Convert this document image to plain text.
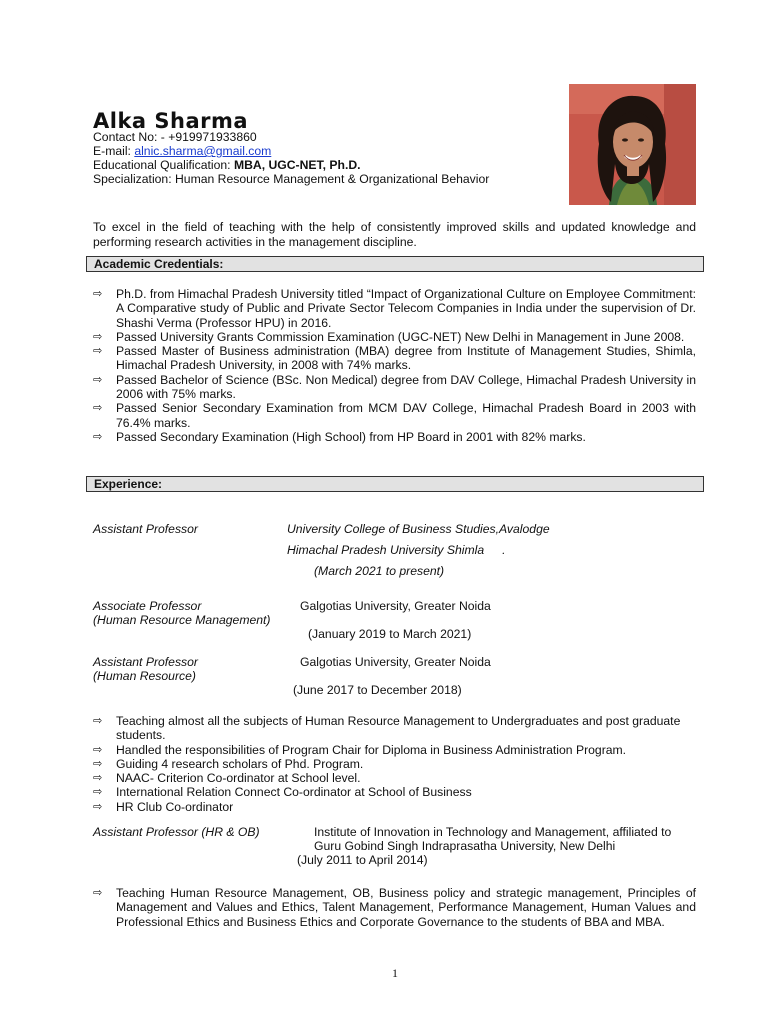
Alka Sharma
Contact No: - +919971933860
E-mail: alnic.sharma@gmail.com
Educational Qualification: MBA, UGC-NET, Ph.D.
Specialization: Human Resource Management & Organizational Behavior
To excel in the field of teaching with the help of consistently improved skills and updated knowledge and performing research activities in the management discipline.
Academic Credentials:
⇨ Ph.D. from Himachal Pradesh University titled “Impact of Organizational Culture on Employee Commitment: A Comparative study of Public and Private Sector Telecom Companies in India under the supervision of Dr. Shashi Verma (Professor HPU) in 2016.
⇨ Passed University Grants Commission Examination (UGC-NET) New Delhi in Management in June 2008.
⇨ Passed Master of Business administration (MBA) degree from Institute of Management Studies, Shimla, Himachal Pradesh University, in 2008 with 74% marks.
⇨ Passed Bachelor of Science (BSc. Non Medical) degree from DAV College, Himachal Pradesh University in 2006 with 75% marks.
⇨ Passed Senior Secondary Examination from MCM DAV College, Himachal Pradesh Board in 2003 with 76.4% marks.
⇨ Passed Secondary Examination (High School) from HP Board in 2001 with 82% marks.
Experience:
Assistant Professor	University College of Business Studies,Avalodge
Himachal Pradesh University Shimla .
(March 2021 to present)
Associate Professor	Galgotias University, Greater Noida
(Human Resource Management)
(January 2019 to March 2021)
Assistant Professor	Galgotias University, Greater Noida
(Human Resource)
(June 2017 to December 2018)
⇨ Teaching almost all the subjects of Human Resource Management to Undergraduates and post graduate students.
⇨ Handled the responsibilities of Program Chair for Diploma in Business Administration Program.
⇨ Guiding 4 research scholars of Phd. Program.
⇨ NAAC- Criterion Co-ordinator at School level.
⇨ International Relation Connect Co-ordinator at School of Business
⇨ HR Club Co-ordinator
Assistant Professor (HR & OB)	Institute of Innovation in Technology and Management, affiliated to
Guru Gobind Singh Indraprasatha University, New Delhi
(July 2011 to April 2014)
⇨ Teaching Human Resource Management, OB, Business policy and strategic management, Principles of Management and Values and Ethics, Talent Management, Performance Management, Human Values and Professional Ethics and Business Ethics and Corporate Governance to the students of BBA and MBA.
1
